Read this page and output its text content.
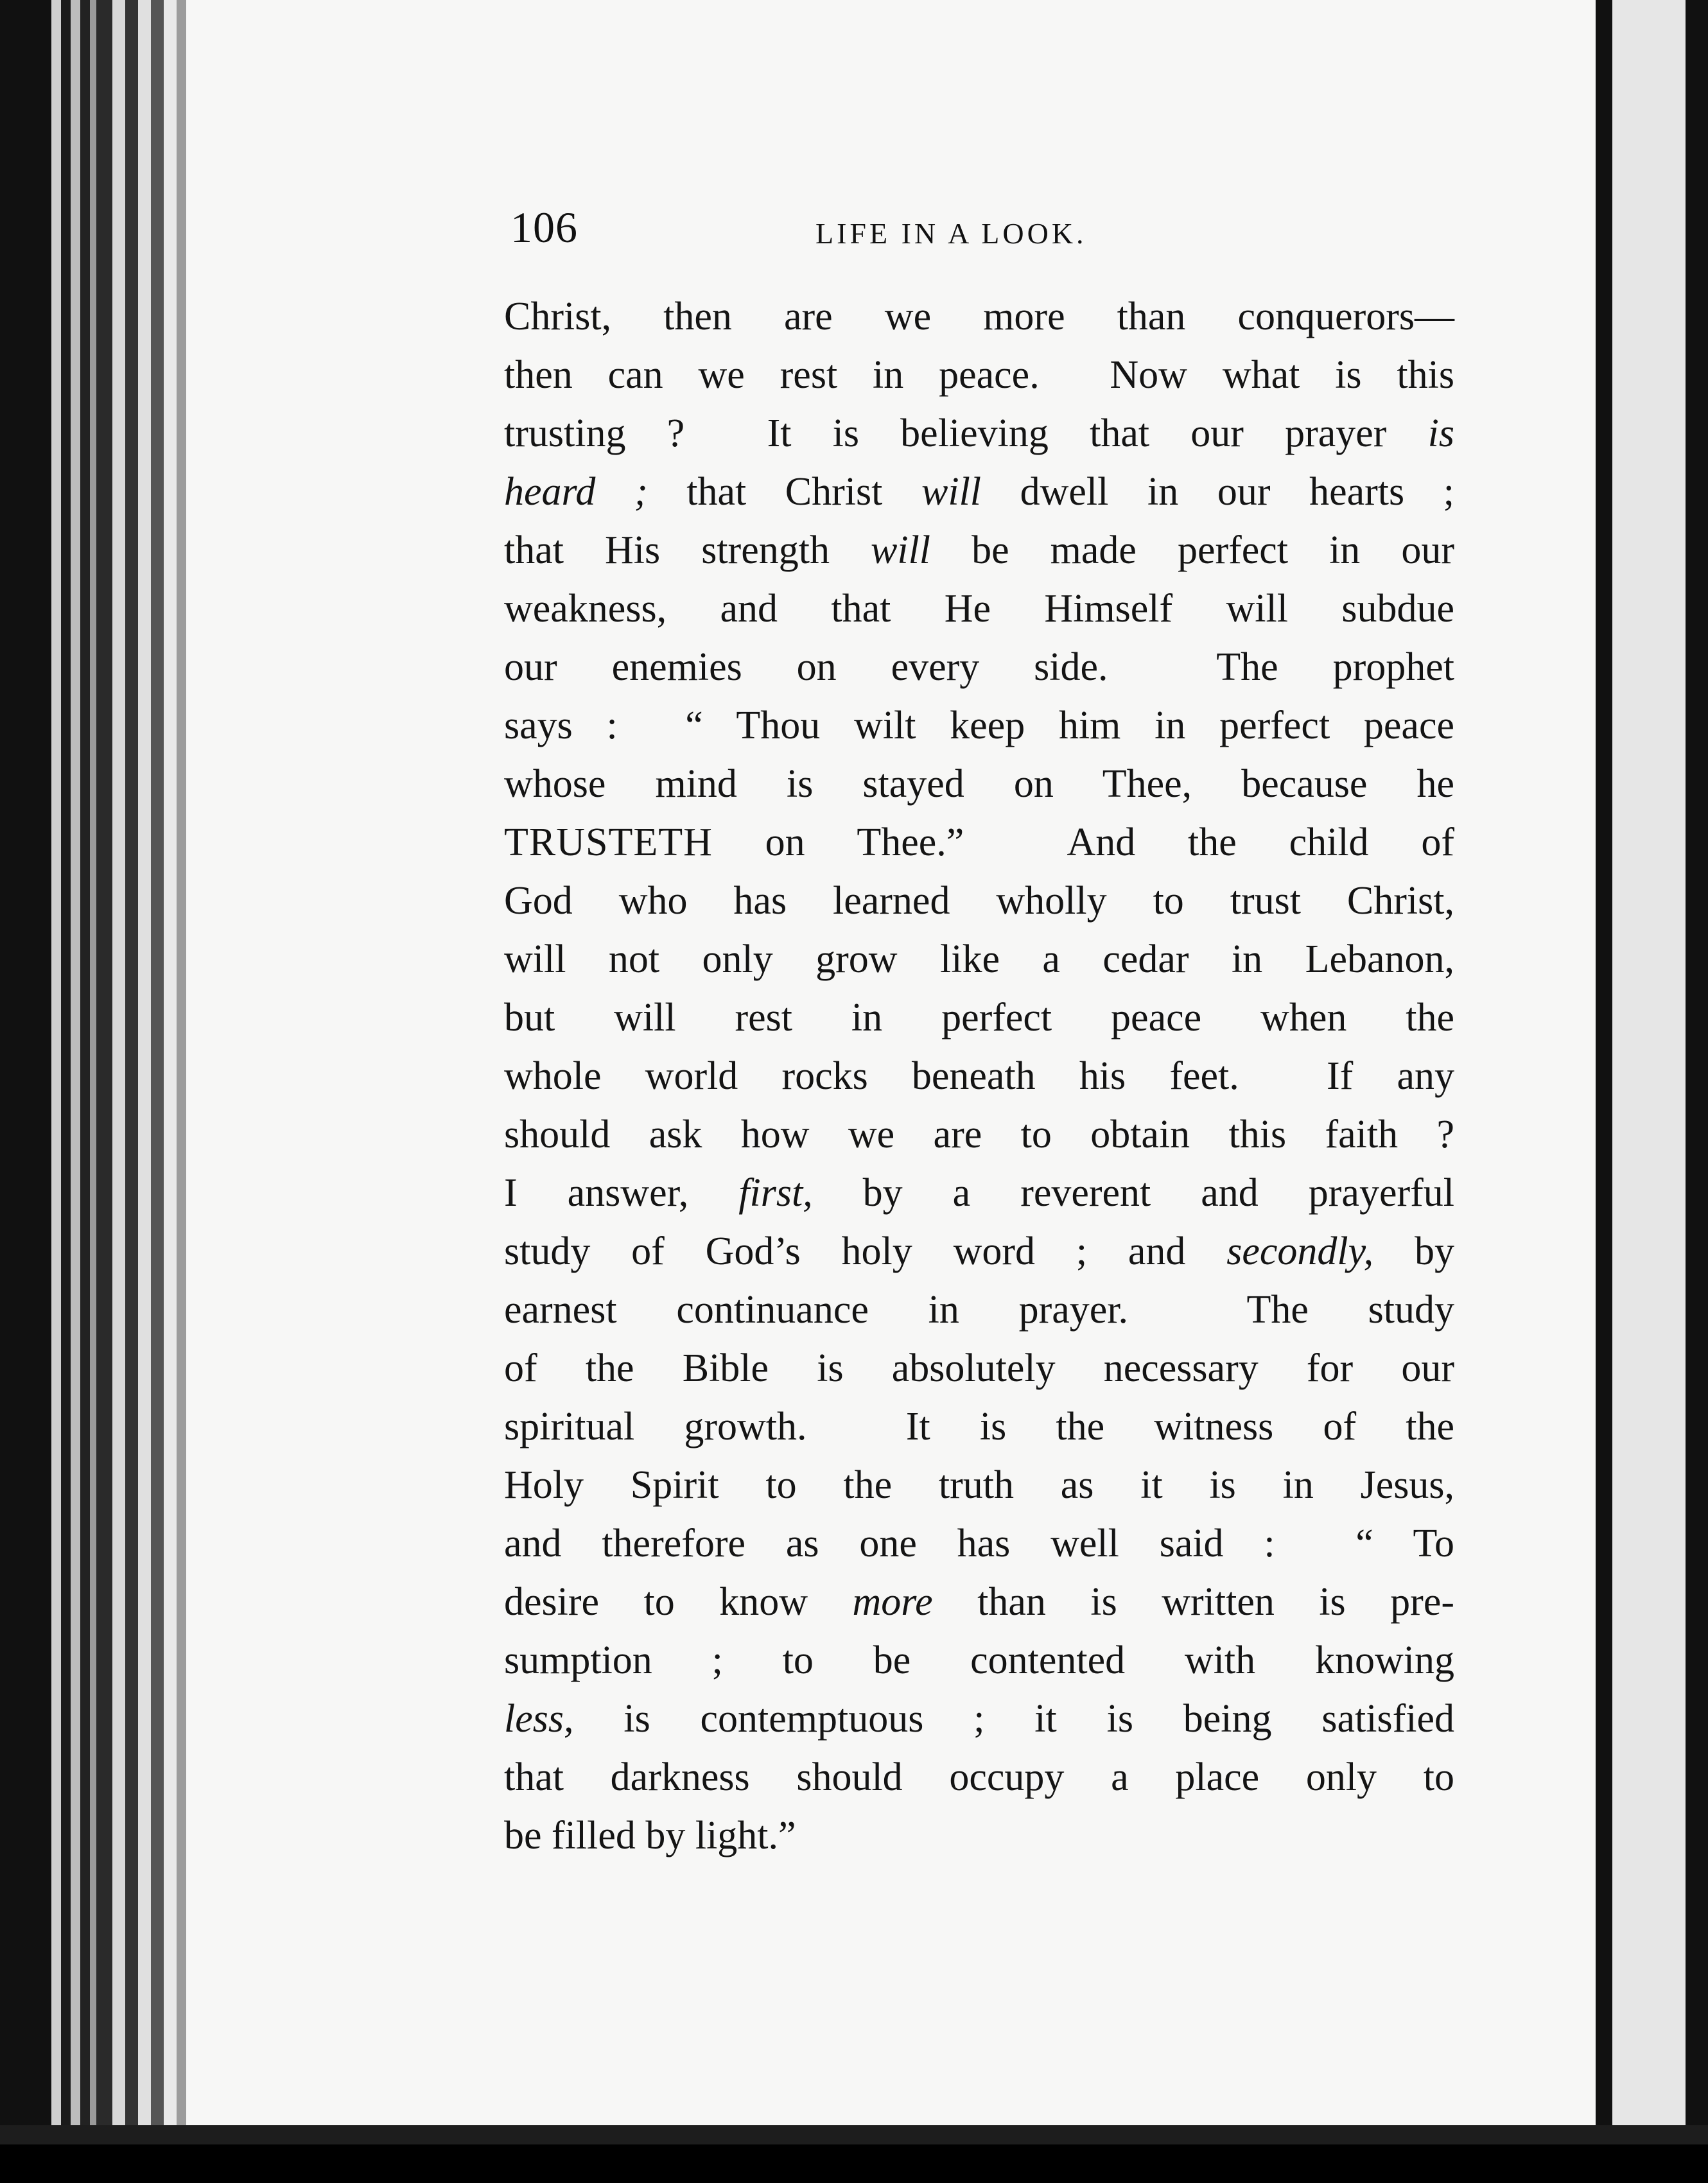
106	LIFE IN A LOOK.
Christ, then are we more than conquerors—
then can we rest in peace.  Now what is this
trusting ?  It is believing that our prayer is
heard ; that Christ will dwell in our hearts ;
that His strength will be made perfect in our
weakness, and that He Himself will subdue
our enemies on every side.  The prophet
says :  “ Thou wilt keep him in perfect peace
whose mind is stayed on Thee, because he
TRUSTETH on Thee.”  And the child of
God who has learned wholly to trust Christ,
will not only grow like a cedar in Lebanon,
but will rest in perfect peace when the
whole world rocks beneath his feet.  If any
should ask how we are to obtain this faith ?
I answer, first, by a reverent and prayerful
study of God’s holy word ; and secondly, by
earnest continuance in prayer.  The study
of the Bible is absolutely necessary for our
spiritual growth.  It is the witness of the
Holy Spirit to the truth as it is in Jesus,
and therefore as one has well said :  “ To
desire to know more than is written is pre-
sumption ; to be contented with knowing
less, is contemptuous ; it is being satisfied
that darkness should occupy a place only to
be filled by light.”
